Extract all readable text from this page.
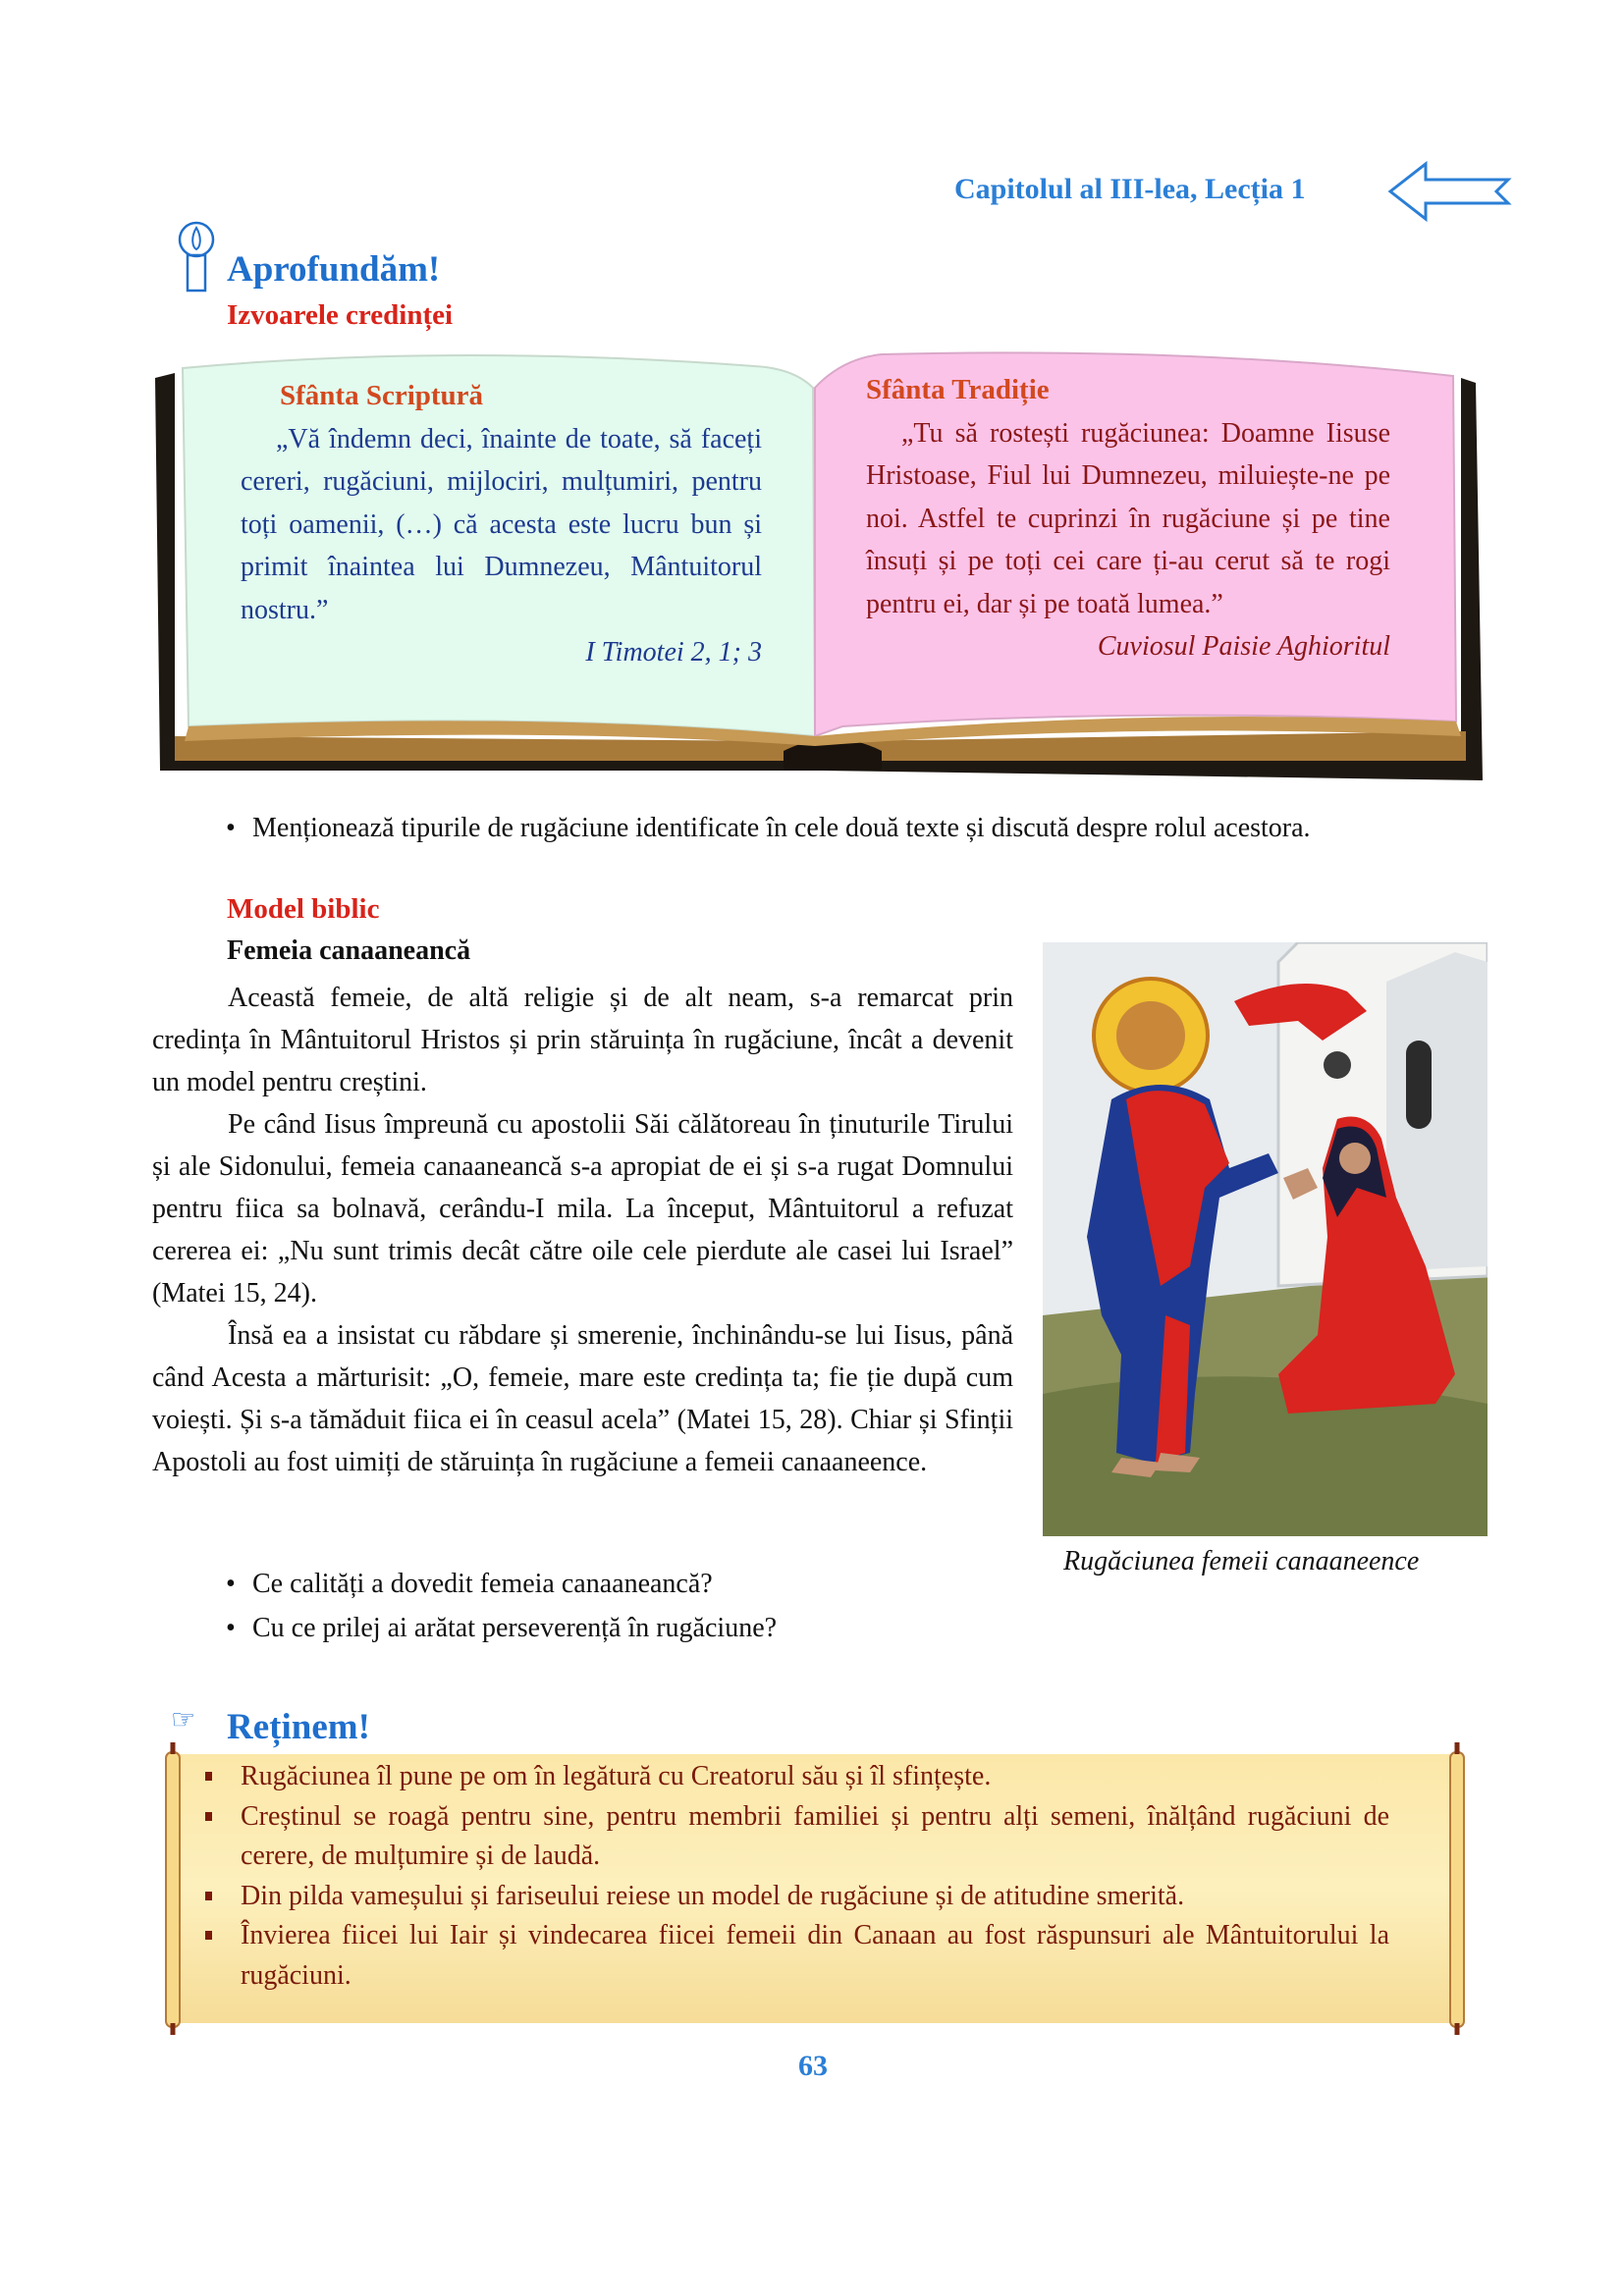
Capitolul al III-lea, Lecția 1
Aprofundăm!
Izvoarele credinței

Sfânta Scriptură

„Vă îndemn deci, înainte de toate, să faceți cereri, rugăciuni, mijlociri, mulțumiri, pentru toți oamenii, (…) că acesta este lucru bun și primit înaintea lui Dumnezeu, Mântuitorul nostru.”

I Timotei 2, 1; 3

Sfânta Tradiție

„Tu să rostești rugăciunea: Doamne Iisuse Hristoase, Fiul lui Dumnezeu, miluiește-ne pe noi. Astfel te cuprinzi în rugăciune și pe tine însuți și pe toți cei care ți-au cerut să te rogi pentru ei, dar și pe toată lumea.”

Cuviosul Paisie Aghioritul

• Menționează tipurile de rugăciune identificate în cele două texte și discută despre rolul acestora.
Model biblic
Femeia canaaneancă

Această femeie, de altă religie și de alt neam, s-a remarcat prin credința în Mântuitorul Hristos și prin stăruința în rugăciune, încât a devenit un model pentru creștini.

Pe când Iisus împreună cu apostolii Săi călătoreau în ținuturile Tirului și ale Sidonului, femeia canaaneancă s-a apropiat de ei și s-a rugat Domnului pentru fiica sa bolnavă, cerându-I mila. La început, Mântuitorul a refuzat cererea ei: „Nu sunt trimis decât către oile cele pierdute ale casei lui Israel” (Matei 15, 24).

Însă ea a insistat cu răbdare și smerenie, închinându-se lui Iisus, până când Acesta a mărturisit: „O, femeie, mare este credința ta; fie ție după cum voiești. Și s-a tămăduit fiica ei în ceasul acela” (Matei 15, 28). Chiar și Sfinții Apostoli au fost uimiți de stăruința în rugăciune a femeii canaaneence.

Rugăciunea femeii canaaneence
• Ce calități a dovedit femeia canaaneancă?
• Cu ce prilej ai arătat perseverență în rugăciune?
☞ Reținem!
Rugăciunea îl pune pe om în legătură cu Creatorul său și îl sfințește.
Creștinul se roagă pentru sine, pentru membrii familiei și pentru alți semeni, înălțând rugăciuni de cerere, de mulțumire și de laudă.
Din pilda vameșului și fariseului reiese un model de rugăciune și de atitudine smerită.
Învierea fiicei lui Iair și vindecarea fiicei femeii din Canaan au fost răspunsuri ale Mântuitorului la rugăciuni.
63
